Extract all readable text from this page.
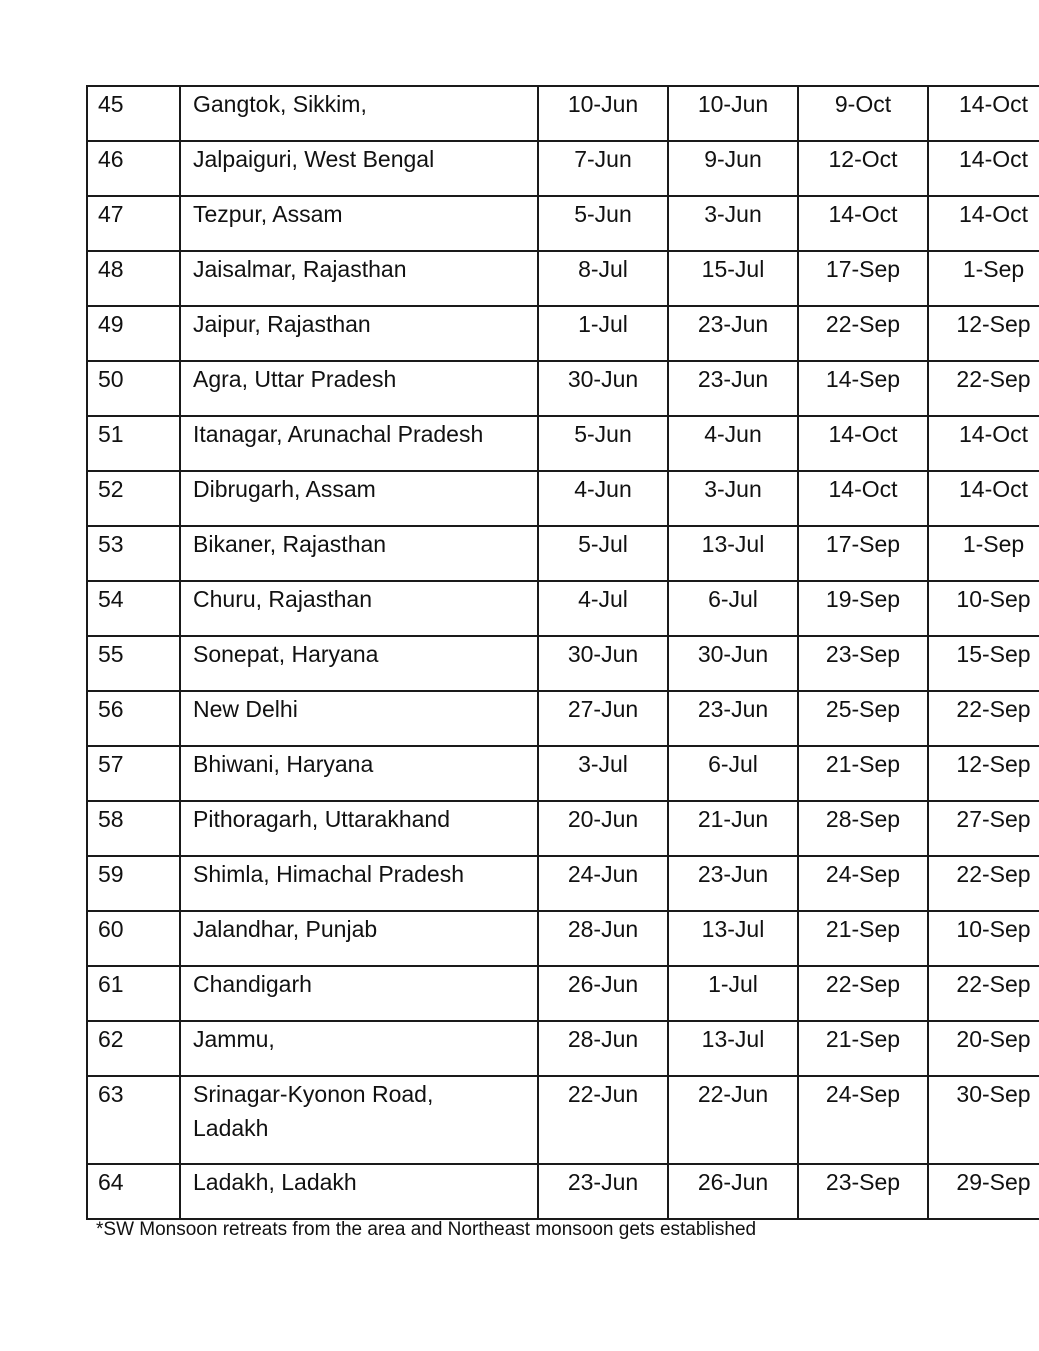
45	Gangtok, Sikkim,	10-Jun	10-Jun	9-Oct	14-Oct

46	Jalpaiguri, West Bengal	7-Jun	9-Jun	12-Oct	14-Oct

47	Tezpur, Assam	5-Jun	3-Jun	14-Oct	14-Oct

48	Jaisalmar, Rajasthan	8-Jul	15-Jul	17-Sep	1-Sep

49	Jaipur, Rajasthan	1-Jul	23-Jun	22-Sep	12-Sep

50	Agra, Uttar Pradesh	30-Jun	23-Jun	14-Sep	22-Sep

51	Itanagar, Arunachal Pradesh	5-Jun	4-Jun	14-Oct	14-Oct

52	Dibrugarh, Assam	4-Jun	3-Jun	14-Oct	14-Oct

53	Bikaner, Rajasthan	5-Jul	13-Jul	17-Sep	1-Sep

54	Churu, Rajasthan	4-Jul	6-Jul	19-Sep	10-Sep

55	Sonepat, Haryana	30-Jun	30-Jun	23-Sep	15-Sep

56	New Delhi	27-Jun	23-Jun	25-Sep	22-Sep

57	Bhiwani, Haryana	3-Jul	6-Jul	21-Sep	12-Sep

58	Pithoragarh, Uttarakhand	20-Jun	21-Jun	28-Sep	27-Sep

59	Shimla, Himachal Pradesh	24-Jun	23-Jun	24-Sep	22-Sep

60	Jalandhar, Punjab	28-Jun	13-Jul	21-Sep	10-Sep

61	Chandigarh	26-Jun	1-Jul	22-Sep	22-Sep

62	Jammu,	28-Jun	13-Jul	21-Sep	20-Sep

63	Srinagar-Kyonon Road,
Ladakh	22-Jun	22-Jun	24-Sep	30-Sep

64	Ladakh, Ladakh	23-Jun	26-Jun	23-Sep	29-Sep
*SW Monsoon retreats from the area and Northeast monsoon gets established
